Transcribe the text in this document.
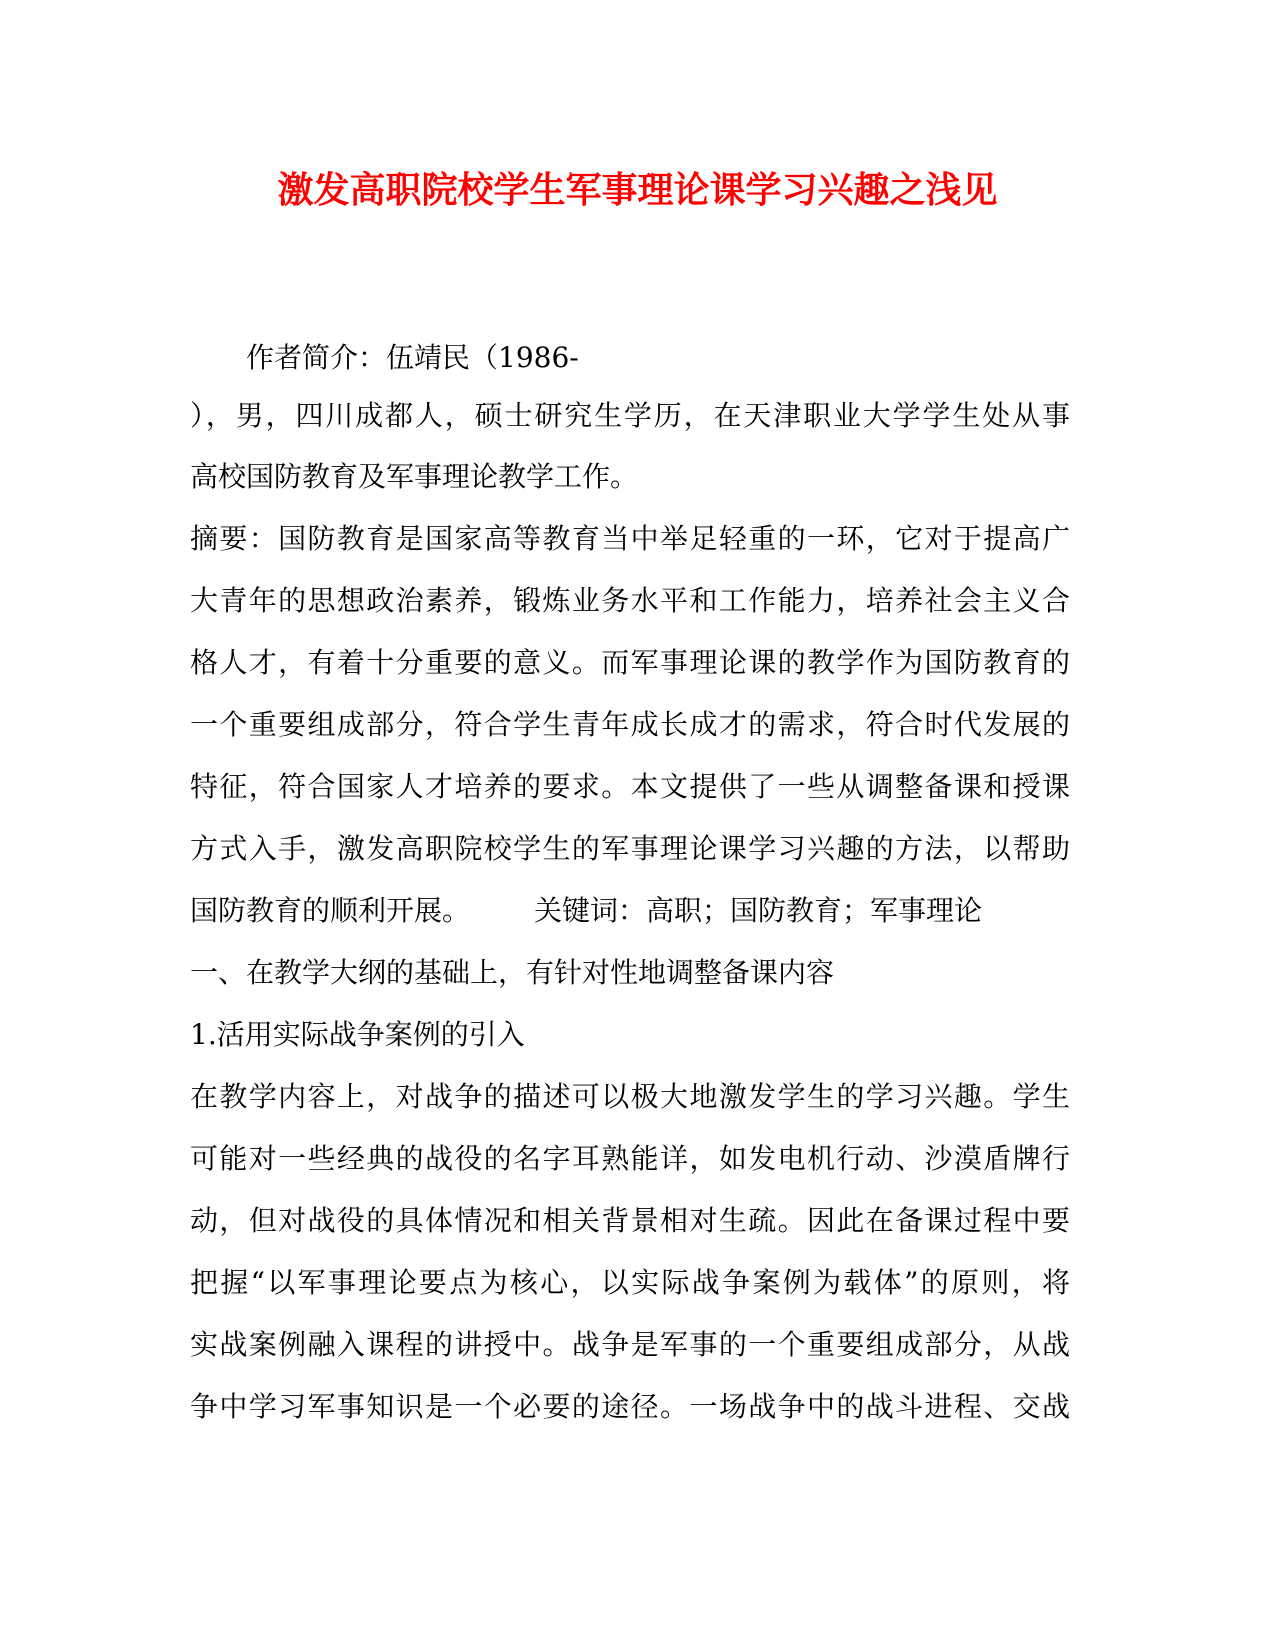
激发高职院校学生军事理论课学习兴趣之浅见
作者简介：伍靖民（1986-
），男，四川成都人，硕士研究生学历，在天津职业大学学生处从事
高校国防教育及军事理论教学工作。
摘要：国防教育是国家高等教育当中举足轻重的一环，它对于提高广
大青年的思想政治素养，锻炼业务水平和工作能力，培养社会主义合
格人才，有着十分重要的意义。而军事理论课的教学作为国防教育的
一个重要组成部分，符合学生青年成长成才的需求，符合时代发展的
特征，符合国家人才培养的要求。本文提供了一些从调整备课和授课
方式入手，激发高职院校学生的军事理论课学习兴趣的方法，以帮助
国防教育的顺利开展。 关键词：高职；国防教育；军事理论
一、在教学大纲的基础上，有针对性地调整备课内容
1.活用实际战争案例的引入
在教学内容上，对战争的描述可以极大地激发学生的学习兴趣。学生
可能对一些经典的战役的名字耳熟能详，如发电机行动、沙漠盾牌行
动，但对战役的具体情况和相关背景相对生疏。因此在备课过程中要
把握“以军事理论要点为核心，以实际战争案例为载体”的原则，将
实战案例融入课程的讲授中。战争是军事的一个重要组成部分，从战
争中学习军事知识是一个必要的途径。一场战争中的战斗进程、交战
